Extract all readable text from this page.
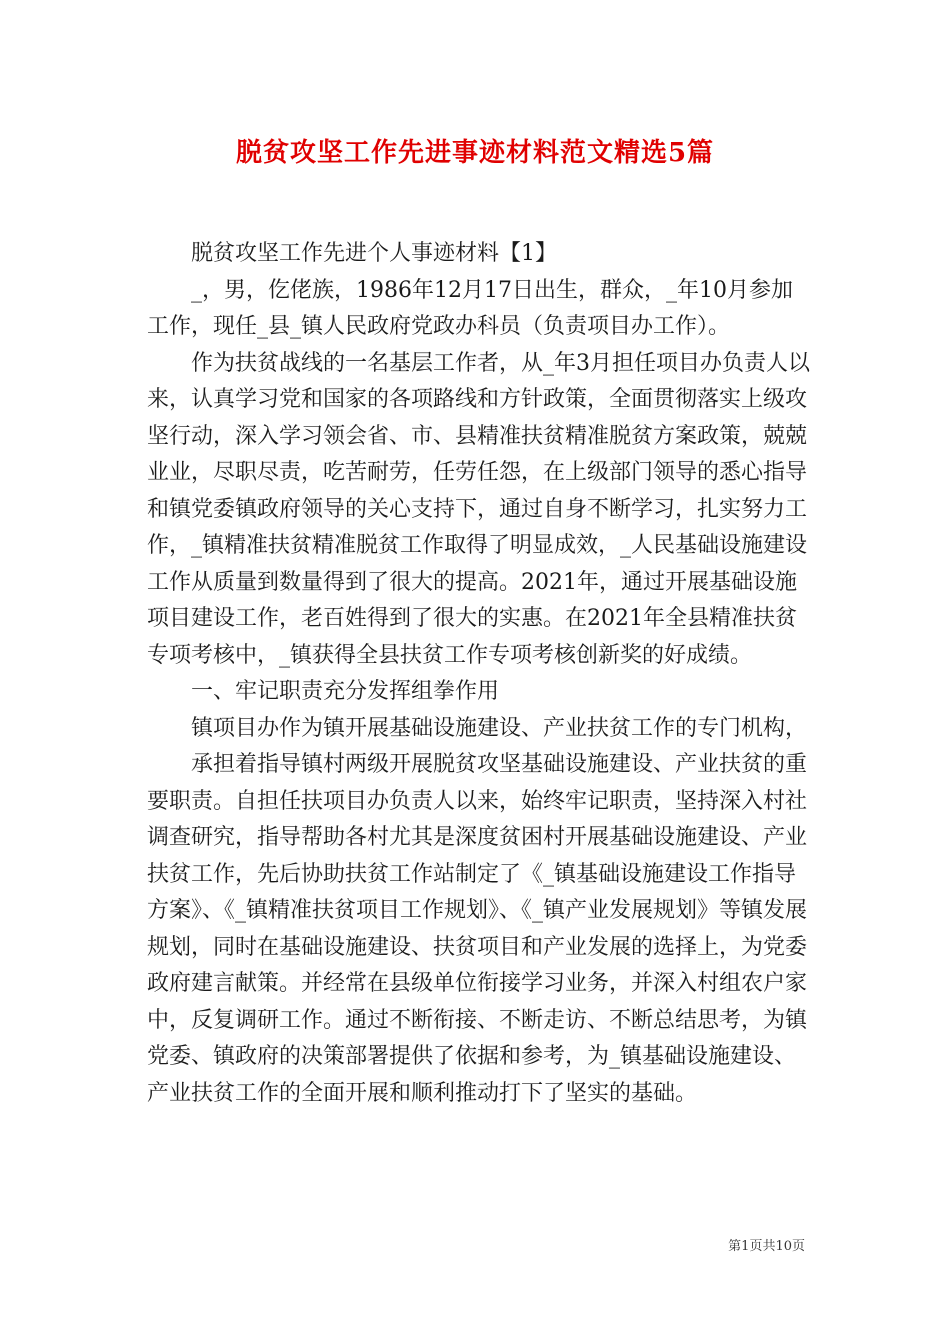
脱贫攻坚工作先进事迹材料范文精选5篇

脱贫攻坚工作先进个人事迹材料【1】

_，男，仡佬族，1986年12月17日出生，群众，_年10月参加工作，现任_县_镇人民政府党政办科员（负责项目办工作）。

作为扶贫战线的一名基层工作者，从_年3月担任项目办负责人以来，认真学习党和国家的各项路线和方针政策，全面贯彻落实上级攻坚行动，深入学习领会省、市、县精准扶贫精准脱贫方案政策，兢兢业业，尽职尽责，吃苦耐劳，任劳任怨，在上级部门领导的悉心指导和镇党委镇政府领导的关心支持下，通过自身不断学习，扎实努力工作，_镇精准扶贫精准脱贫工作取得了明显成效，_人民基础设施建设工作从质量到数量得到了很大的提高。2021年，通过开展基础设施项目建设工作，老百姓得到了很大的实惠。在2021年全县精准扶贫专项考核中，_镇获得全县扶贫工作专项考核创新奖的好成绩。

一、牢记职责充分发挥组拳作用

镇项目办作为镇开展基础设施建设、产业扶贫工作的专门机构，

承担着指导镇村两级开展脱贫攻坚基础设施建设、产业扶贫的重要职责。自担任扶项目办负责人以来，始终牢记职责，坚持深入村社调查研究，指导帮助各村尤其是深度贫困村开展基础设施建设、产业扶贫工作，先后协助扶贫工作站制定了《_镇基础设施建设工作指导方案》、《_镇精准扶贫项目工作规划》、《_镇产业发展规划》等镇发展规划，同时在基础设施建设、扶贫项目和产业发展的选择上，为党委政府建言献策。并经常在县级单位衔接学习业务，并深入村组农户家中，反复调研工作。通过不断衔接、不断走访、不断总结思考，为镇党委、镇政府的决策部署提供了依据和参考，为_镇基础设施建设、产业扶贫工作的全面开展和顺利推动打下了坚实的基础。

第1页共10页
